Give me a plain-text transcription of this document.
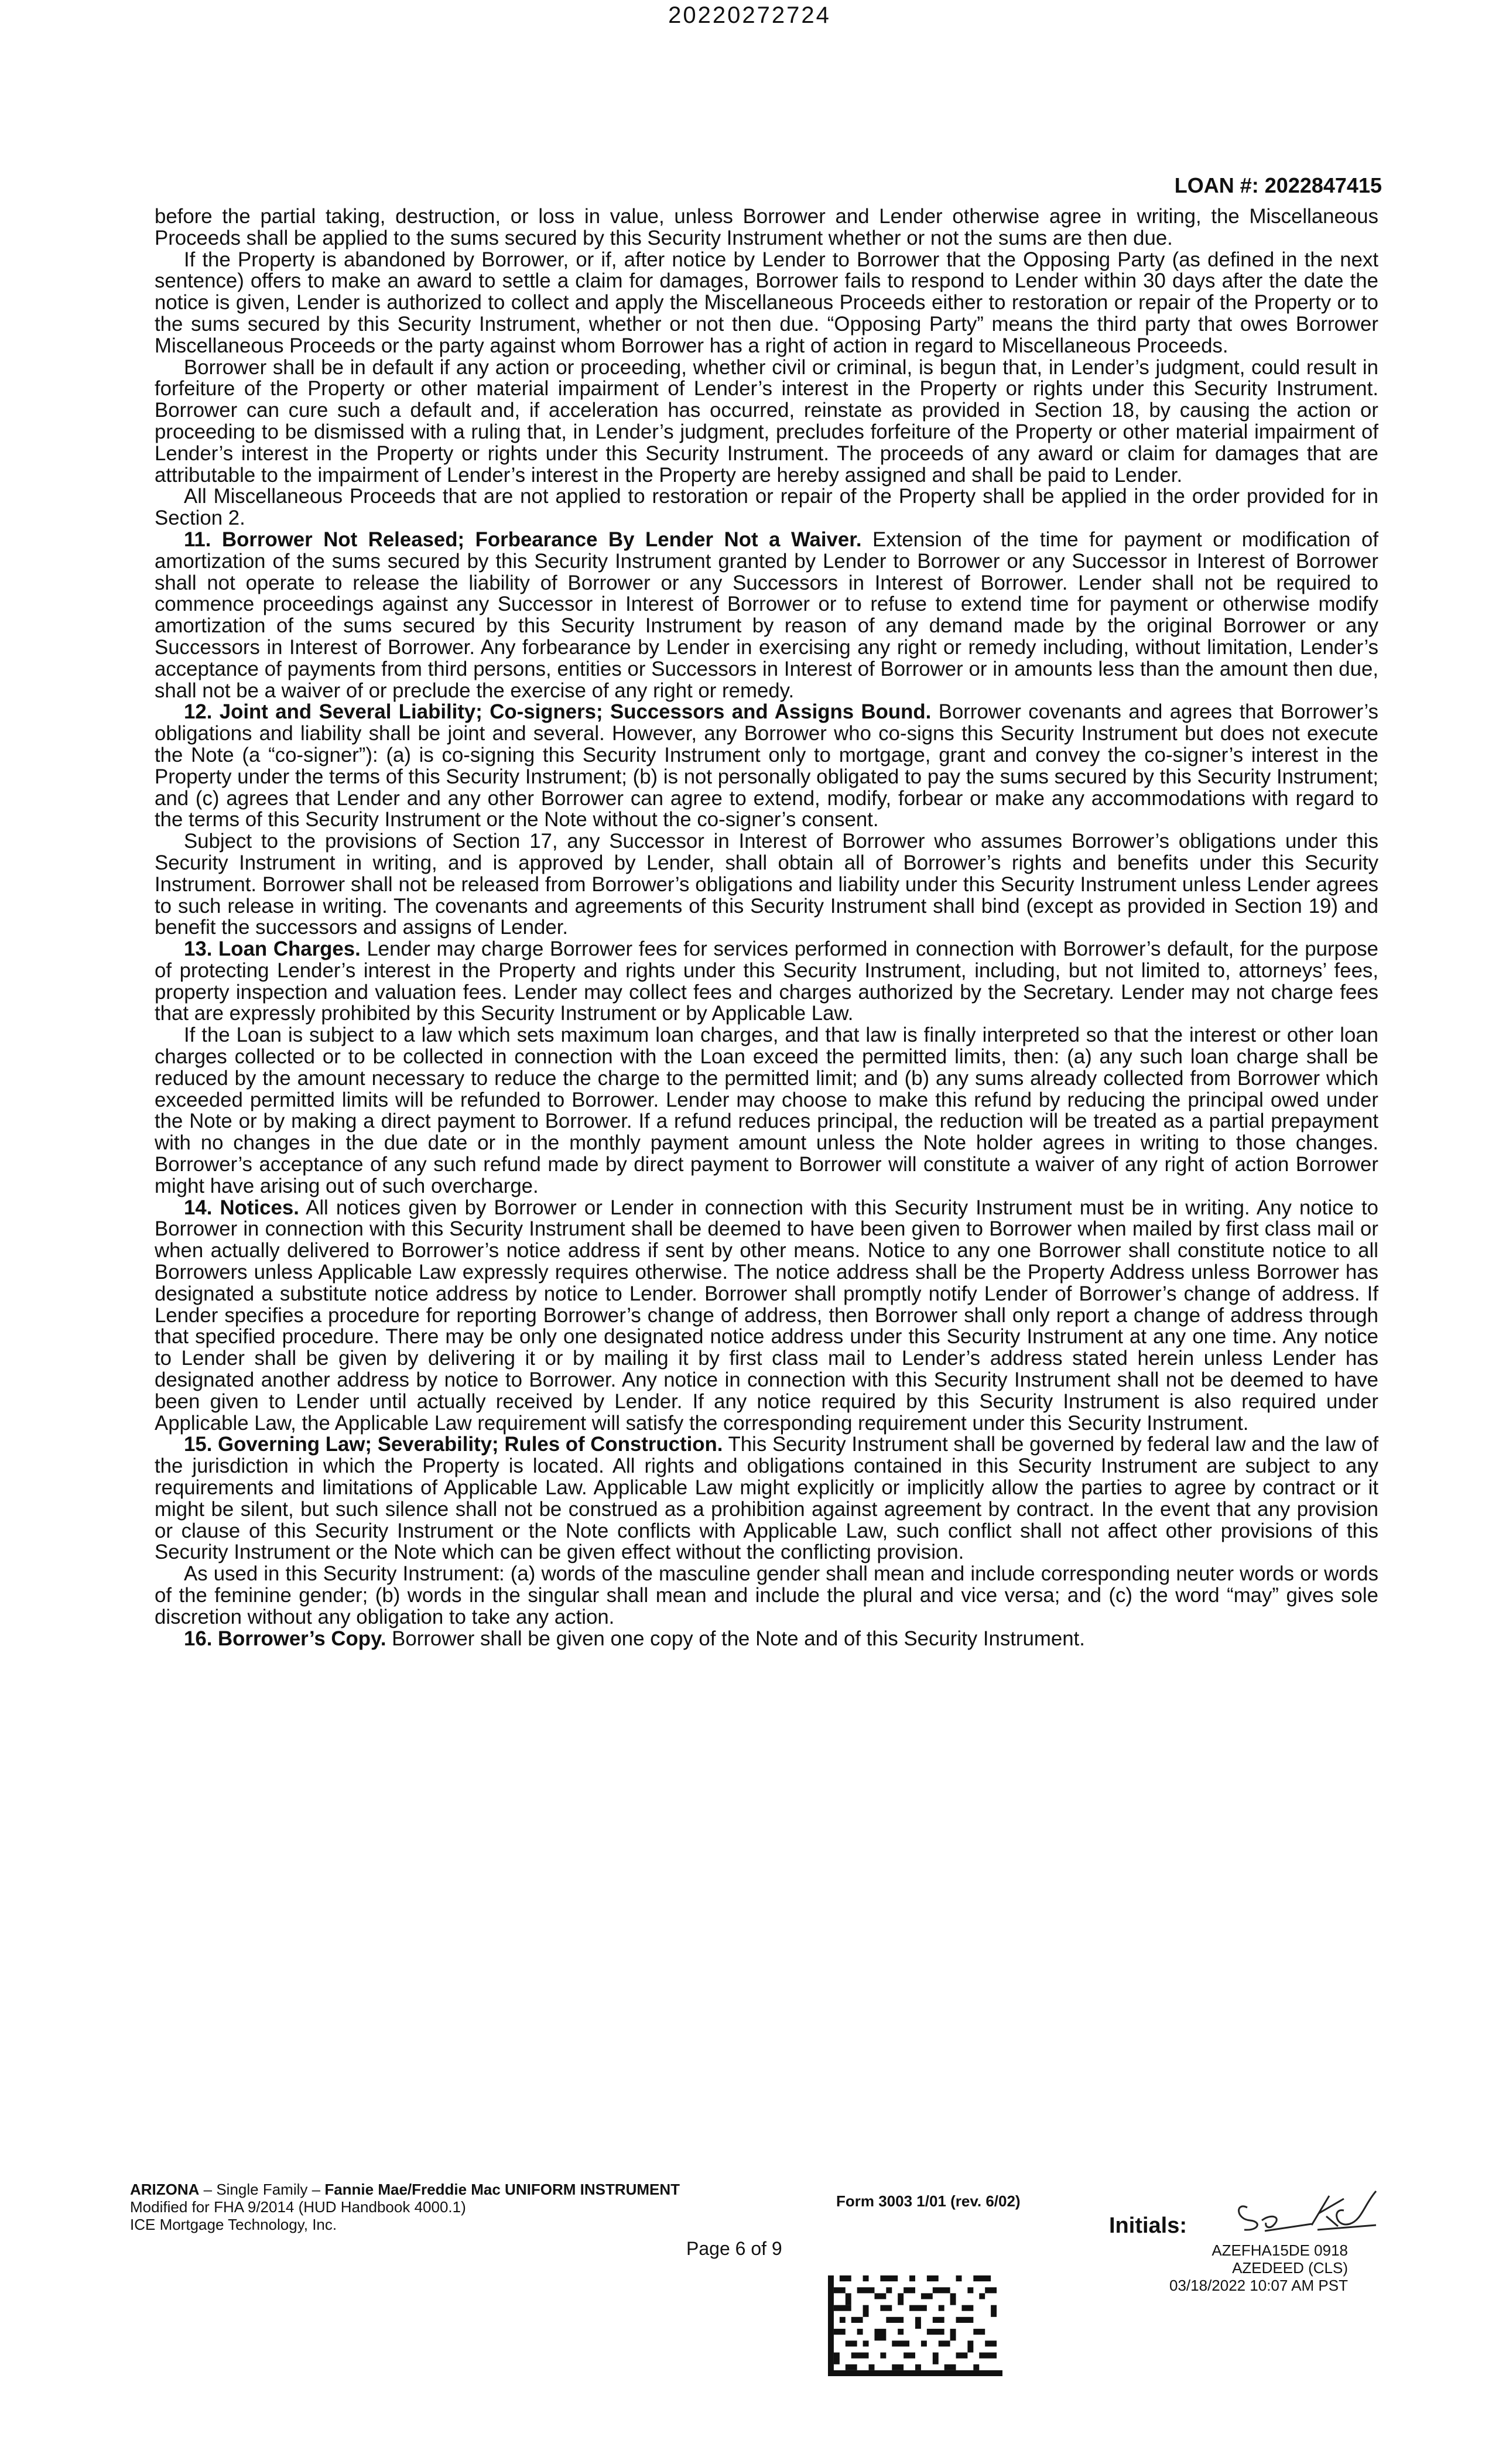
20220272724
LOAN #: 2022847415

before the partial taking, destruction, or loss in value, unless Borrower and Lender otherwise agree in writing, the Miscellaneous Proceeds shall be applied to the sums secured by this Security Instrument whether or not the sums are then due.

If the Property is abandoned by Borrower, or if, after notice by Lender to Borrower that the Opposing Party (as defined in the next sentence) offers to make an award to settle a claim for damages, Borrower fails to respond to Lender within 30 days after the date the notice is given, Lender is authorized to collect and apply the Miscellaneous Proceeds either to restoration or repair of the Property or to the sums secured by this Security Instrument, whether or not then due. “Opposing Party” means the third party that owes Borrower Miscellaneous Proceeds or the party against whom Borrower has a right of action in regard to Miscellaneous Proceeds.

Borrower shall be in default if any action or proceeding, whether civil or criminal, is begun that, in Lender’s judgment, could result in forfeiture of the Property or other material impairment of Lender’s interest in the Property or rights under this Security Instrument. Borrower can cure such a default and, if acceleration has occurred, reinstate as provided in Section 18, by causing the action or proceeding to be dismissed with a ruling that, in Lender’s judgment, precludes forfeiture of the Property or other material impairment of Lender’s interest in the Property or rights under this Security Instrument. The proceeds of any award or claim for damages that are attributable to the impairment of Lender’s interest in the Property are hereby assigned and shall be paid to Lender.

All Miscellaneous Proceeds that are not applied to restoration or repair of the Property shall be applied in the order provided for in Section 2.

11. Borrower Not Released; Forbearance By Lender Not a Waiver. Extension of the time for payment or modification of amortization of the sums secured by this Security Instrument granted by Lender to Borrower or any Successor in Interest of Borrower shall not operate to release the liability of Borrower or any Successors in Interest of Borrower. Lender shall not be required to commence proceedings against any Successor in Interest of Borrower or to refuse to extend time for payment or otherwise modify amortization of the sums secured by this Security Instrument by reason of any demand made by the original Borrower or any Successors in Interest of Borrower. Any forbearance by Lender in exercising any right or remedy including, without limitation, Lender’s acceptance of payments from third persons, entities or Successors in Interest of Borrower or in amounts less than the amount then due, shall not be a waiver of or preclude the exercise of any right or remedy.

12. Joint and Several Liability; Co-signers; Successors and Assigns Bound. Borrower covenants and agrees that Borrower’s obligations and liability shall be joint and several. However, any Borrower who co-signs this Security Instrument but does not execute the Note (a “co-signer”): (a) is co-signing this Security Instrument only to mortgage, grant and convey the co-signer’s interest in the Property under the terms of this Security Instrument; (b) is not personally obligated to pay the sums secured by this Security Instrument; and (c) agrees that Lender and any other Borrower can agree to extend, modify, forbear or make any accommodations with regard to the terms of this Security Instrument or the Note without the co-signer’s consent.

Subject to the provisions of Section 17, any Successor in Interest of Borrower who assumes Borrower’s obligations under this Security Instrument in writing, and is approved by Lender, shall obtain all of Borrower’s rights and benefits under this Security Instrument. Borrower shall not be released from Borrower’s obligations and liability under this Security Instrument unless Lender agrees to such release in writing. The covenants and agreements of this Security Instrument shall bind (except as provided in Section 19) and benefit the successors and assigns of Lender.

13. Loan Charges. Lender may charge Borrower fees for services performed in connection with Borrower’s default, for the purpose of protecting Lender’s interest in the Property and rights under this Security Instrument, including, but not limited to, attorneys’ fees, property inspection and valuation fees. Lender may collect fees and charges authorized by the Secretary. Lender may not charge fees that are expressly prohibited by this Security Instrument or by Applicable Law.

If the Loan is subject to a law which sets maximum loan charges, and that law is finally interpreted so that the interest or other loan charges collected or to be collected in connection with the Loan exceed the permitted limits, then: (a) any such loan charge shall be reduced by the amount necessary to reduce the charge to the permitted limit; and (b) any sums already collected from Borrower which exceeded permitted limits will be refunded to Borrower. Lender may choose to make this refund by reducing the principal owed under the Note or by making a direct payment to Borrower. If a refund reduces principal, the reduction will be treated as a partial prepayment with no changes in the due date or in the monthly payment amount unless the Note holder agrees in writing to those changes. Borrower’s acceptance of any such refund made by direct payment to Borrower will constitute a waiver of any right of action Borrower might have arising out of such overcharge.

14. Notices. All notices given by Borrower or Lender in connection with this Security Instrument must be in writing. Any notice to Borrower in connection with this Security Instrument shall be deemed to have been given to Borrower when mailed by first class mail or when actually delivered to Borrower’s notice address if sent by other means. Notice to any one Borrower shall constitute notice to all Borrowers unless Applicable Law expressly requires otherwise. The notice address shall be the Property Address unless Borrower has designated a substitute notice address by notice to Lender. Borrower shall promptly notify Lender of Borrower’s change of address. If Lender specifies a procedure for reporting Borrower’s change of address, then Borrower shall only report a change of address through that specified procedure. There may be only one designated notice address under this Security Instrument at any one time. Any notice to Lender shall be given by delivering it or by mailing it by first class mail to Lender’s address stated herein unless Lender has designated another address by notice to Borrower. Any notice in connection with this Security Instrument shall not be deemed to have been given to Lender until actually received by Lender. If any notice required by this Security Instrument is also required under Applicable Law, the Applicable Law requirement will satisfy the corresponding requirement under this Security Instrument.

15. Governing Law; Severability; Rules of Construction. This Security Instrument shall be governed by federal law and the law of the jurisdiction in which the Property is located. All rights and obligations contained in this Security Instrument are subject to any requirements and limitations of Applicable Law. Applicable Law might explicitly or implicitly allow the parties to agree by contract or it might be silent, but such silence shall not be construed as a prohibition against agreement by contract. In the event that any provision or clause of this Security Instrument or the Note conflicts with Applicable Law, such conflict shall not affect other provisions of this Security Instrument or the Note which can be given effect without the conflicting provision.

As used in this Security Instrument: (a) words of the masculine gender shall mean and include corresponding neuter words or words of the feminine gender; (b) words in the singular shall mean and include the plural and vice versa; and (c) the word “may” gives sole discretion without any obligation to take any action.

16. Borrower’s Copy. Borrower shall be given one copy of the Note and of this Security Instrument.

ARIZONA – Single Family – Fannie Mae/Freddie Mac UNIFORM INSTRUMENT
Modified for FHA 9/2014 (HUD Handbook 4000.1)
ICE Mortgage Technology, Inc.
Form 3003 1/01 (rev. 6/02)
Page 6 of 9
Initials:
AZEFHA15DE 0918
AZEDEED (CLS)
03/18/2022 10:07 AM PST
